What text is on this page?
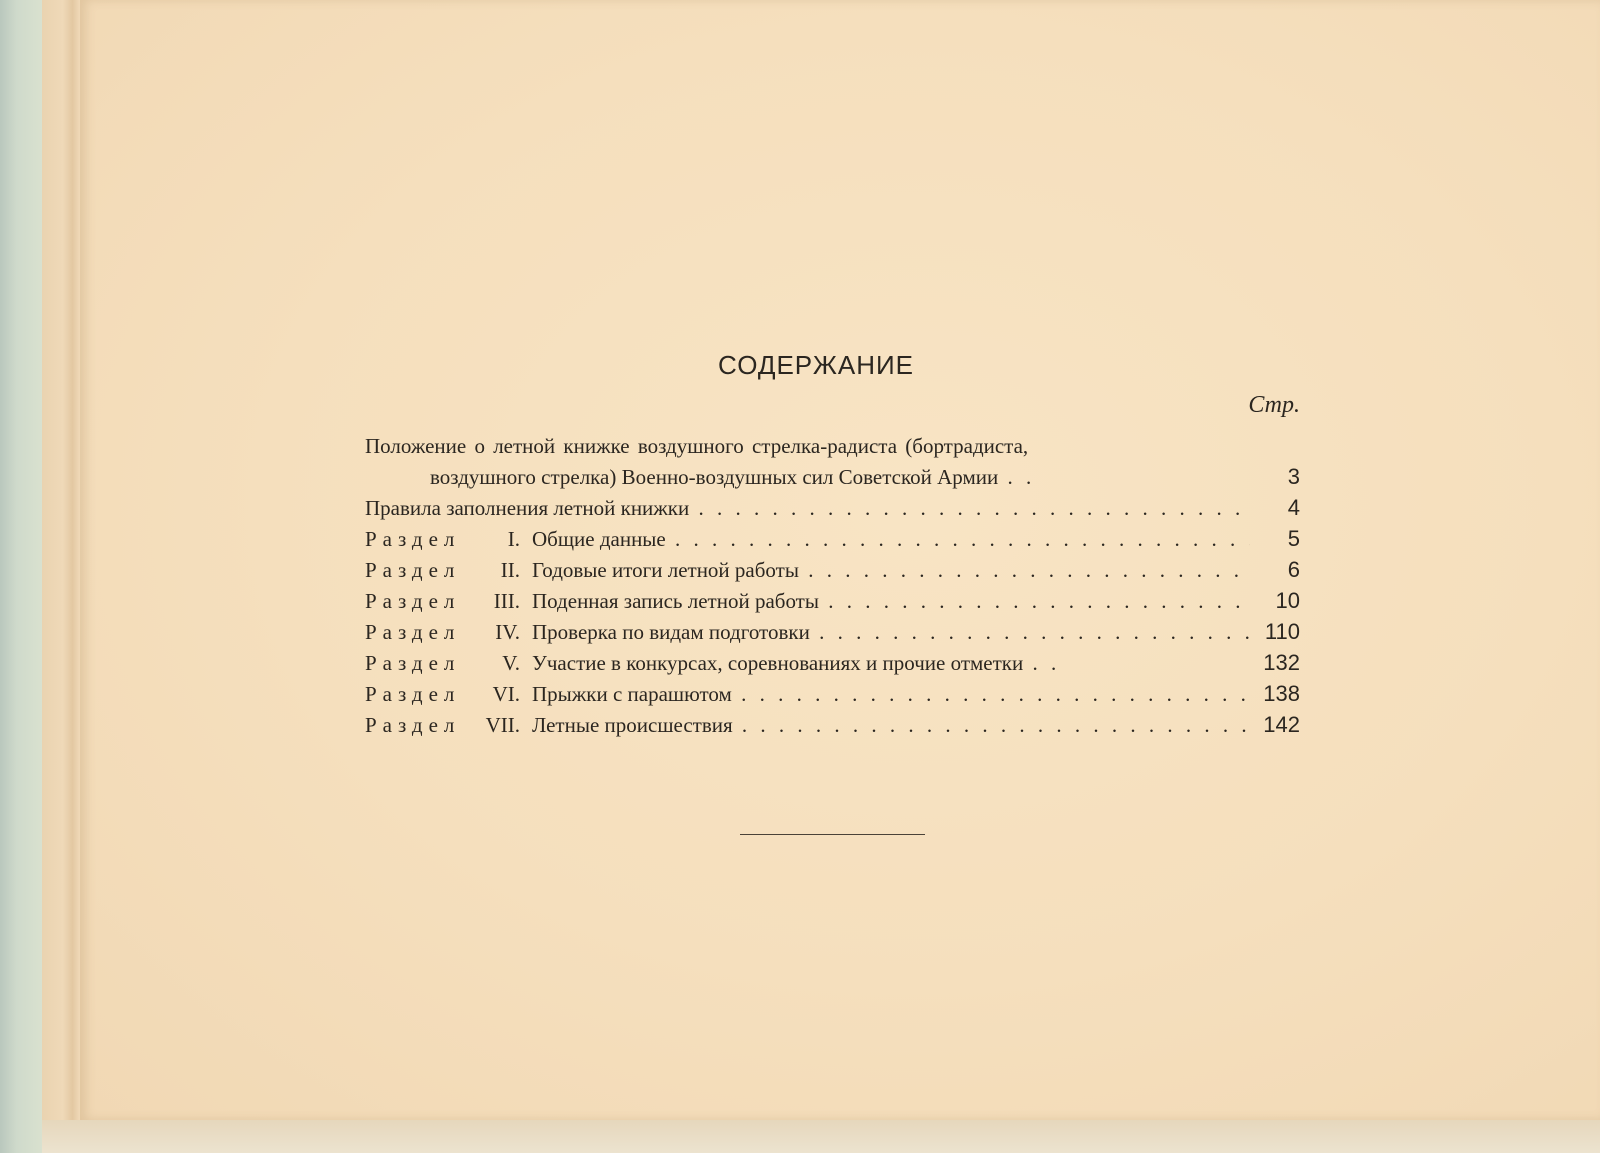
СОДЕРЖАНИЕ
Стр.
Положение о летной книжке воздушного стрелка-радиста (бортрадиста,
воздушного стрелка) Военно-воздушных сил Советской Армии . .	3
Правила заполнения летной книжки . . .	4
Раздел I. Общие данные . . .	5
Раздел II. Годовые итоги летной работы . . .	6
Раздел III. Поденная запись летной работы . . .	10
Раздел IV. Проверка по видам подготовки . . .	110
Раздел V. Участие в конкурсах, соревнованиях и прочие отметки . .	132
Раздел VI. Прыжки с парашютом . . .	138
Раздел VII. Летные происшествия . . .	142
